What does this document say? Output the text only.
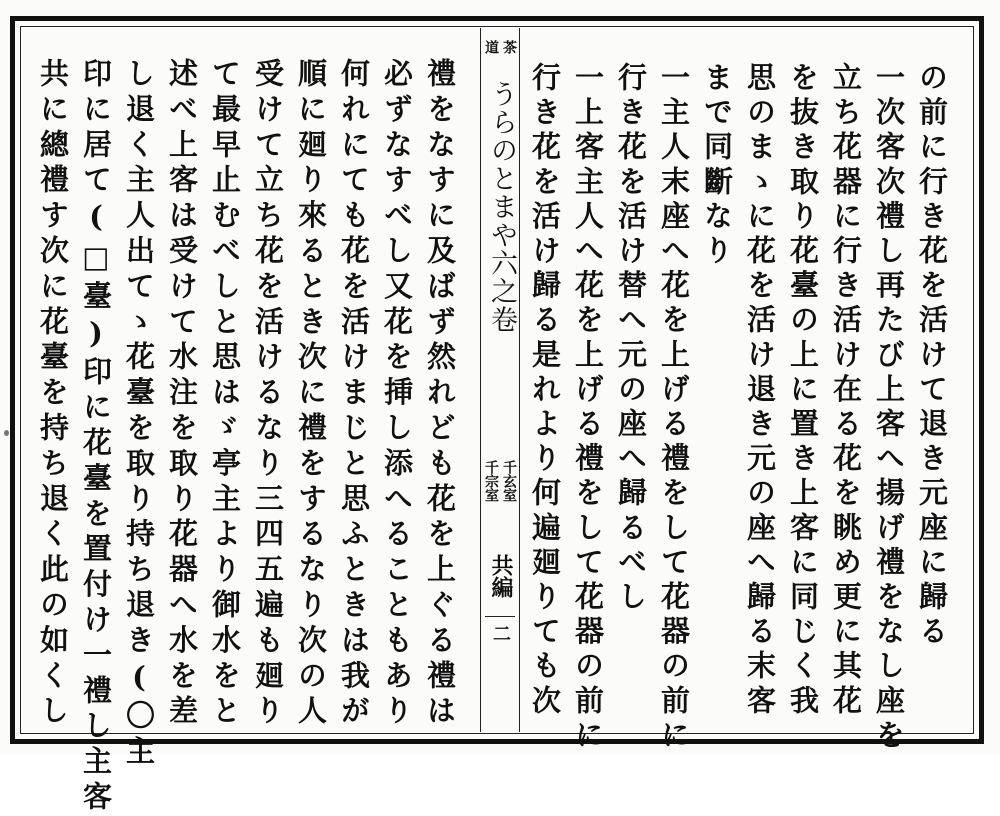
禮をなすに及ばず然れども花を上ぐる禮は
必ずなすべし又花を挿し添へることもあり
何れにても花を活けまじと思ふときは我が
順に廻り來るとき次に禮をするなり次の人
受けて立ち花を活けるなり三四五遍も廻り
て最早止むべしと思はゞ亭主より御水をと
述べ上客は受けて水注を取り花器へ水を差
し退く主人出てゝ花臺を取り持ち退き(〇主
印に居て(□臺)印に花臺を置付け一禮し主客
共に總禮す次に花臺を持ち退く此の如くし
茶
道
うらのとまや六之卷
千玄室
千宗室
共編
二	の前に行き花を活けて退き元座に歸る
一次客次禮し再たび上客へ揚げ禮をなし座を
立ち花器に行き活け在る花を眺め更に其花
を抜き取り花臺の上に置き上客に同じく我
思のまゝに花を活け退き元の座へ歸る末客
まで同斷なり
一主人末座へ花を上げる禮をして花器の前に
行き花を活け替へ元の座へ歸るべし
一上客主人へ花を上げる禮をして花器の前に
行き花を活け歸る是れより何遍廻りても次
